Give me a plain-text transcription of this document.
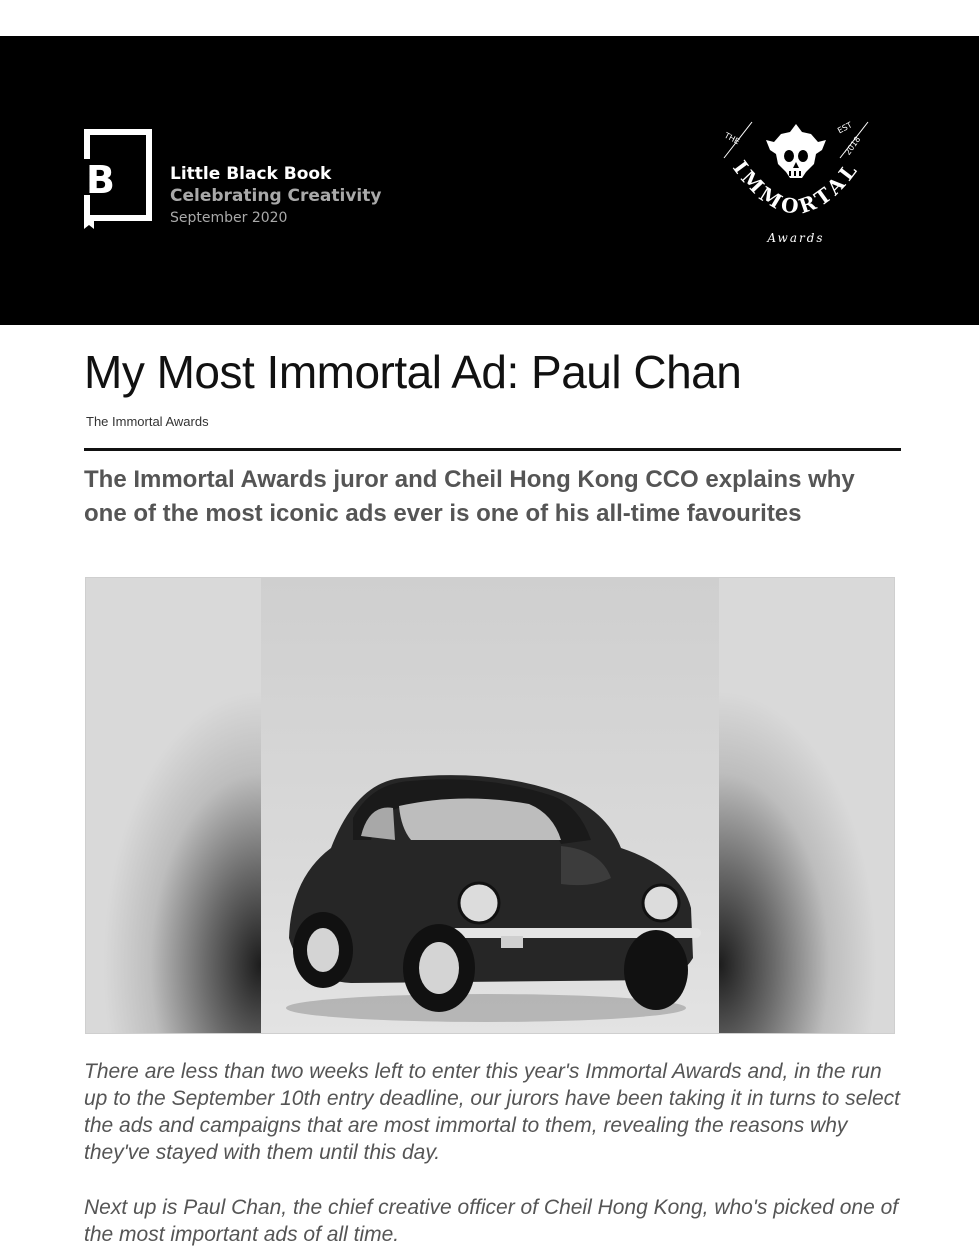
B	Little Black Book
Celebrating Creativity
September 2020
THE
EST
2018
IMMORTAL
Awards
My Most Immortal Ad: Paul Chan
The Immortal Awards
The Immortal Awards juror and Cheil Hong Kong CCO explains why one of the most iconic ads ever is one of his all-time favourites

There are less than two weeks left to enter this year's Immortal Awards and, in the run up to the September 10th entry deadline, our jurors have been taking it in turns to select the ads and campaigns that are most immortal to them, revealing the reasons why they've stayed with them until this day.

Next up is Paul Chan, the chief creative officer of Cheil Hong Kong, who's picked one of the most important ads of all time.
